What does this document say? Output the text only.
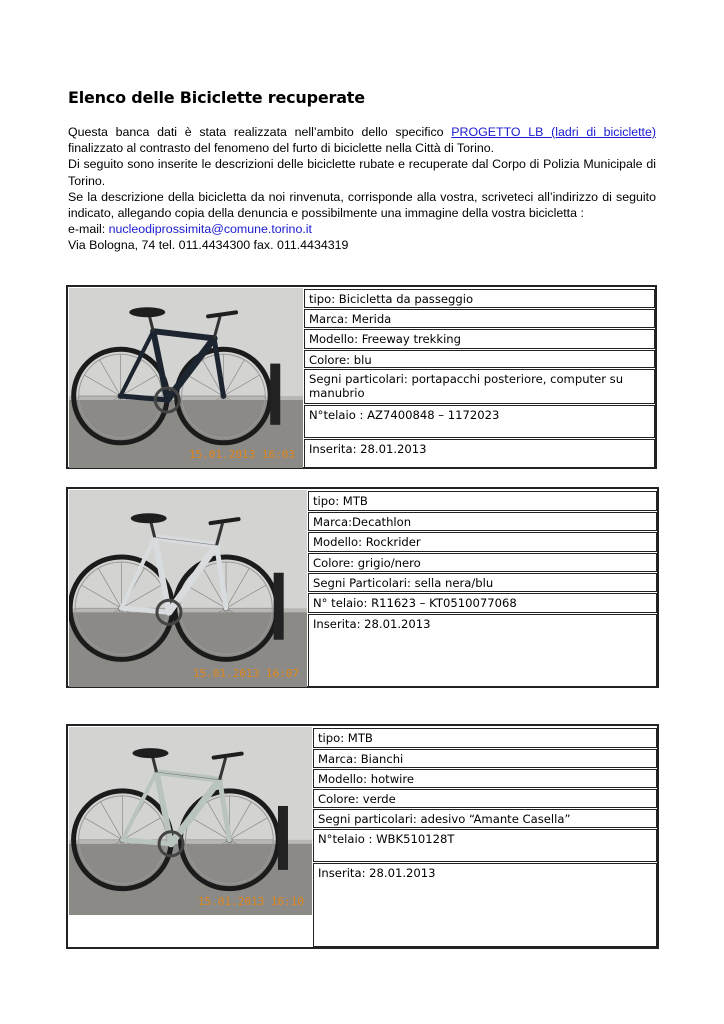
Elenco delle Biciclette recuperate

Questa banca dati è stata realizzata nell’ambito dello specifico PROGETTO LB (ladri di biciclette) finalizzato al contrasto del fenomeno del furto di biciclette nella Città di Torino.

Di seguito sono inserite le descrizioni delle biciclette rubate e recuperate dal Corpo di Polizia Municipale di Torino.

Se la descrizione della bicicletta da noi rinvenuta, corrisponde alla vostra, scriveteci all’indirizzo di seguito indicato, allegando copia della denuncia e possibilmente una immagine della vostra bicicletta :

e-mail: nucleodiprossimita@comune.torino.it

Via Bologna, 74 tel. 011.4434300 fax. 011.4434319

15.01.2013 16:03
tipo: Bicicletta da passeggio
Marca: Merida
Modello: Freeway trekking
Colore: blu
Segni particolari: portapacchi posteriore, computer su manubrio
N°telaio : AZ7400848 – 1172023
Inserita: 28.01.2013
15.01.2013 16:07
tipo: MTB
Marca:Decathlon
Modello: Rockrider
Colore: grigio/nero
Segni Particolari: sella nera/blu
N° telaio: R11623 – KT0510077068
Inserita: 28.01.2013
15.01.2013 16:10
tipo: MTB
Marca: Bianchi
Modello: hotwire
Colore: verde
Segni particolari: adesivo “Amante Casella”
N°telaio : WBK510128T
Inserita: 28.01.2013
